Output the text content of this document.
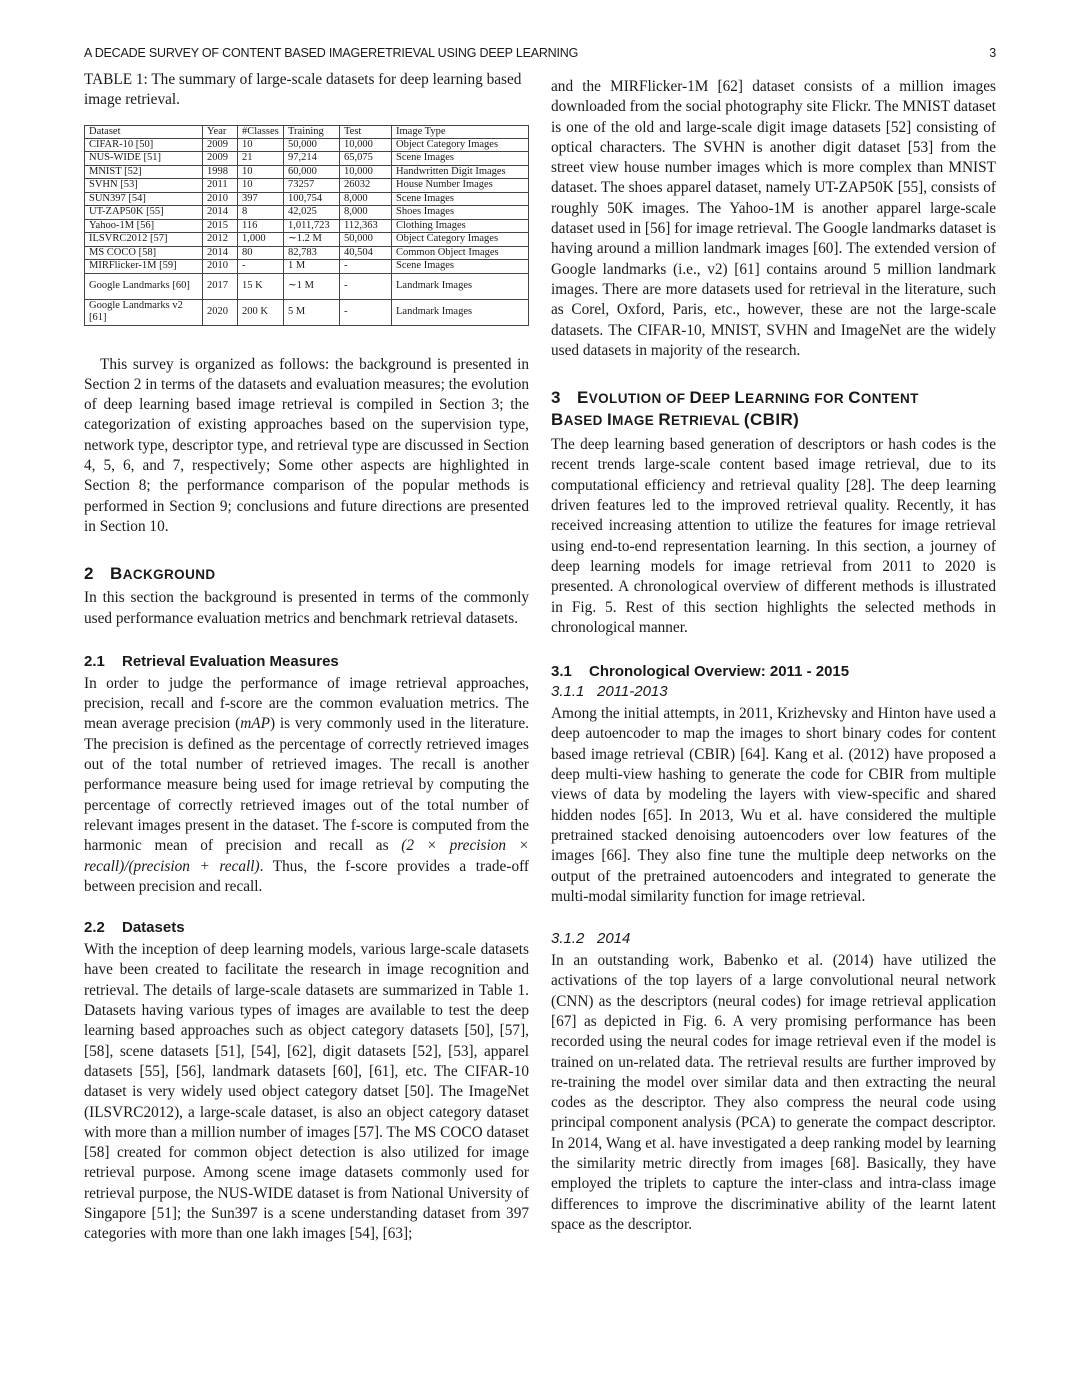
A DECADE SURVEY OF CONTENT BASED IMAGERETRIEVAL USING DEEP LEARNING	3

TABLE 1: The summary of large-scale datasets for deep learning based image retrieval.

Dataset	Year	#Classes	Training	Test	Image Type
CIFAR-10 [50]	2009	10	50,000	10,000	Object Category Images
NUS-WIDE [51]	2009	21	97,214	65,075	Scene Images
MNIST [52]	1998	10	60,000	10,000	Handwritten Digit Images
SVHN [53]	2011	10	73257	26032	House Number Images
SUN397 [54]	2010	397	100,754	8,000	Scene Images
UT-ZAP50K [55]	2014	8	42,025	8,000	Shoes Images
Yahoo-1M [56]	2015	116	1,011,723	112,363	Clothing Images
ILSVRC2012 [57]	2012	1,000	∼1.2 M	50,000	Object Category Images
MS COCO [58]	2014	80	82,783	40,504	Common Object Images
MIRFlicker-1M [59]	2010	-	1 M	-	Scene Images
Google Landmarks [60]	2017	15 K	∼1 M	-	Landmark Images
Google Landmarks v2 [61]	2020	200 K	5 M	-	Landmark Images

This survey is organized as follows: the background is presented in Section 2 in terms of the datasets and evaluation measures; the evolution of deep learning based image retrieval is compiled in Section 3; the categorization of existing approaches based on the supervision type, network type, descriptor type, and retrieval type are discussed in Section 4, 5, 6, and 7, respectively; Some other aspects are highlighted in Section 8; the performance comparison of the popular methods is performed in Section 9; conclusions and future directions are presented in Section 10.

2 BACKGROUND

In this section the background is presented in terms of the commonly used performance evaluation metrics and benchmark retrieval datasets.

2.1 Retrieval Evaluation Measures

In order to judge the performance of image retrieval approaches, precision, recall and f-score are the common evaluation metrics. The mean average precision (mAP) is very commonly used in the literature. The precision is defined as the percentage of correctly retrieved images out of the total number of retrieved images. The recall is another performance measure being used for image retrieval by computing the percentage of correctly retrieved images out of the total number of relevant images present in the dataset. The f-score is computed from the harmonic mean of precision and recall as (2 × precision × recall)/(precision + recall). Thus, the f-score provides a trade-off between precision and recall.

2.2 Datasets

With the inception of deep learning models, various large-scale datasets have been created to facilitate the research in image recognition and retrieval. The details of large-scale datasets are summarized in Table 1. Datasets having various types of images are available to test the deep learning based approaches such as object category datasets [50], [57], [58], scene datasets [51], [54], [62], digit datasets [52], [53], apparel datasets [55], [56], landmark datasets [60], [61], etc. The CIFAR-10 dataset is very widely used object category datset [50]. The ImageNet (ILSVRC2012), a large-scale dataset, is also an object category dataset with more than a million number of images [57]. The MS COCO dataset [58] created for common object detection is also utilized for image retrieval purpose. Among scene image datasets commonly used for retrieval purpose, the NUS-WIDE dataset is from National University of Singapore [51]; the Sun397 is a scene understanding dataset from 397 categories with more than one lakh images [54], [63];

and the MIRFlicker-1M [62] dataset consists of a million images downloaded from the social photography site Flickr. The MNIST dataset is one of the old and large-scale digit image datasets [52] consisting of optical characters. The SVHN is another digit dataset [53] from the street view house number images which is more complex than MNIST dataset. The shoes apparel dataset, namely UT-ZAP50K [55], consists of roughly 50K images. The Yahoo-1M is another apparel large-scale dataset used in [56] for image retrieval. The Google landmarks dataset is having around a million landmark images [60]. The extended version of Google landmarks (i.e., v2) [61] contains around 5 million landmark images. There are more datasets used for retrieval in the literature, such as Corel, Oxford, Paris, etc., however, these are not the large-scale datasets. The CIFAR-10, MNIST, SVHN and ImageNet are the widely used datasets in majority of the research.

3 EVOLUTION OF DEEP LEARNING FOR CONTENT
BASED IMAGE RETRIEVAL (CBIR)

The deep learning based generation of descriptors or hash codes is the recent trends large-scale content based image retrieval, due to its computational efficiency and retrieval quality [28]. The deep learning driven features led to the improved retrieval quality. Recently, it has received increasing attention to utilize the features for image retrieval using end-to-end representation learning. In this section, a journey of deep learning models for image retrieval from 2011 to 2020 is presented. A chronological overview of different methods is illustrated in Fig. 5. Rest of this section highlights the selected methods in chronological manner.

3.1 Chronological Overview: 2011 - 2015
3.1.1 2011-2013

Among the initial attempts, in 2011, Krizhevsky and Hinton have used a deep autoencoder to map the images to short binary codes for content based image retrieval (CBIR) [64]. Kang et al. (2012) have proposed a deep multi-view hashing to generate the code for CBIR from multiple views of data by modeling the layers with view-specific and shared hidden nodes [65]. In 2013, Wu et al. have considered the multiple pretrained stacked denoising autoencoders over low features of the images [66]. They also fine tune the multiple deep networks on the output of the pretrained autoencoders and integrated to generate the multi-modal similarity function for image retrieval.

3.1.2 2014

In an outstanding work, Babenko et al. (2014) have utilized the activations of the top layers of a large convolutional neural network (CNN) as the descriptors (neural codes) for image retrieval application [67] as depicted in Fig. 6. A very promising performance has been recorded using the neural codes for image retrieval even if the model is trained on un-related data. The retrieval results are further improved by re-training the model over similar data and then extracting the neural codes as the descriptor. They also compress the neural code using principal component analysis (PCA) to generate the compact descriptor. In 2014, Wang et al. have investigated a deep ranking model by learning the similarity metric directly from images [68]. Basically, they have employed the triplets to capture the inter-class and intra-class image differences to improve the discriminative ability of the learnt latent space as the descriptor.
